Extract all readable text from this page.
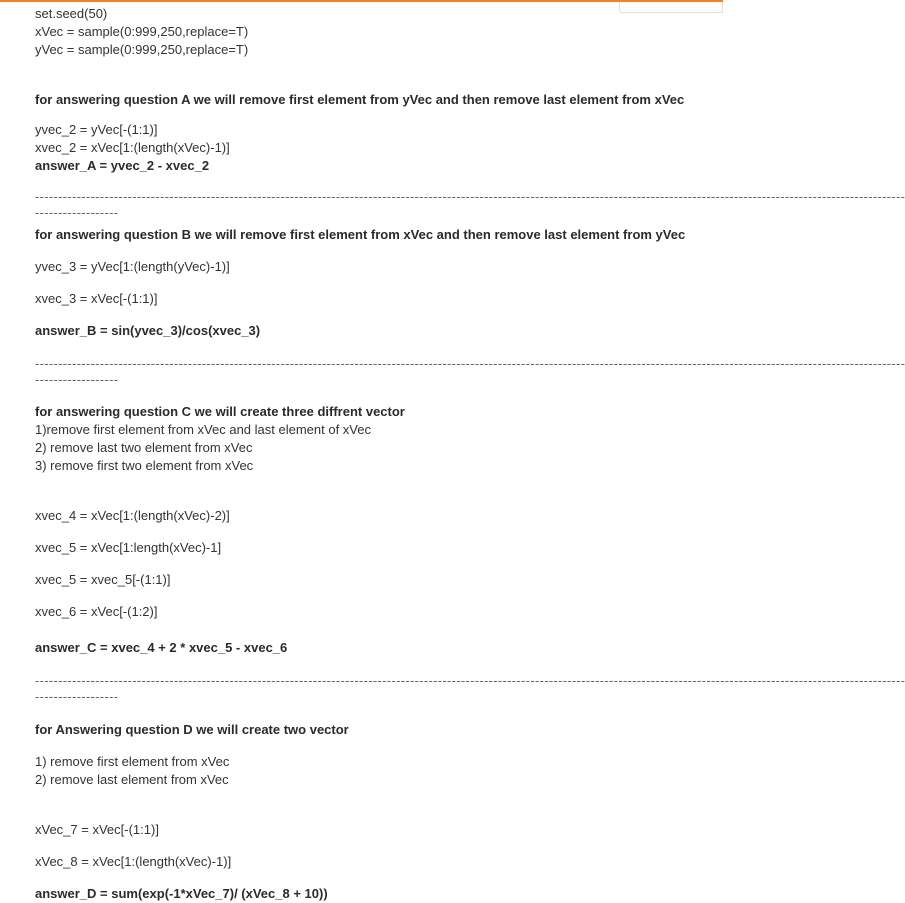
set.seed(50)
xVec = sample(0:999,250,replace=T)
yVec = sample(0:999,250,replace=T)
for answering question A we will remove first element from yVec and then remove last element from xVec
yvec_2 = yVec[-(1:1)]
xvec_2 = xVec[1:(length(xVec)-1)]
answer_A = yvec_2 - xvec_2
--------------------------------------------------------------------------------------------------------------------------------------------------------------------------------------------
------------------
for answering question B we will remove first element from xVec and then remove last element from yVec
yvec_3 = yVec[1:(length(yVec)-1)]
xvec_3 = xVec[-(1:1)]
answer_B = sin(yvec_3)/cos(xvec_3)
--------------------------------------------------------------------------------------------------------------------------------------------------------------------------------------------
------------------
for answering question C we will create three diffrent vector
1)remove first element from xVec and last element of xVec
2) remove last two element from xVec
3) remove first two element from xVec
xvec_4 = xVec[1:(length(xVec)-2)]
xvec_5 = xVec[1:length(xVec)-1]
xvec_5 = xvec_5[-(1:1)]
xvec_6 = xVec[-(1:2)]
answer_C = xvec_4 + 2 * xvec_5 - xvec_6
--------------------------------------------------------------------------------------------------------------------------------------------------------------------------------------------
------------------
for Answering question D we will create two vector
1) remove first element from xVec
2) remove last element from xVec
xVec_7 = xVec[-(1:1)]
xVec_8 = xVec[1:(length(xVec)-1)]
answer_D = sum(exp(-1*xVec_7)/ (xVec_8 + 10))
